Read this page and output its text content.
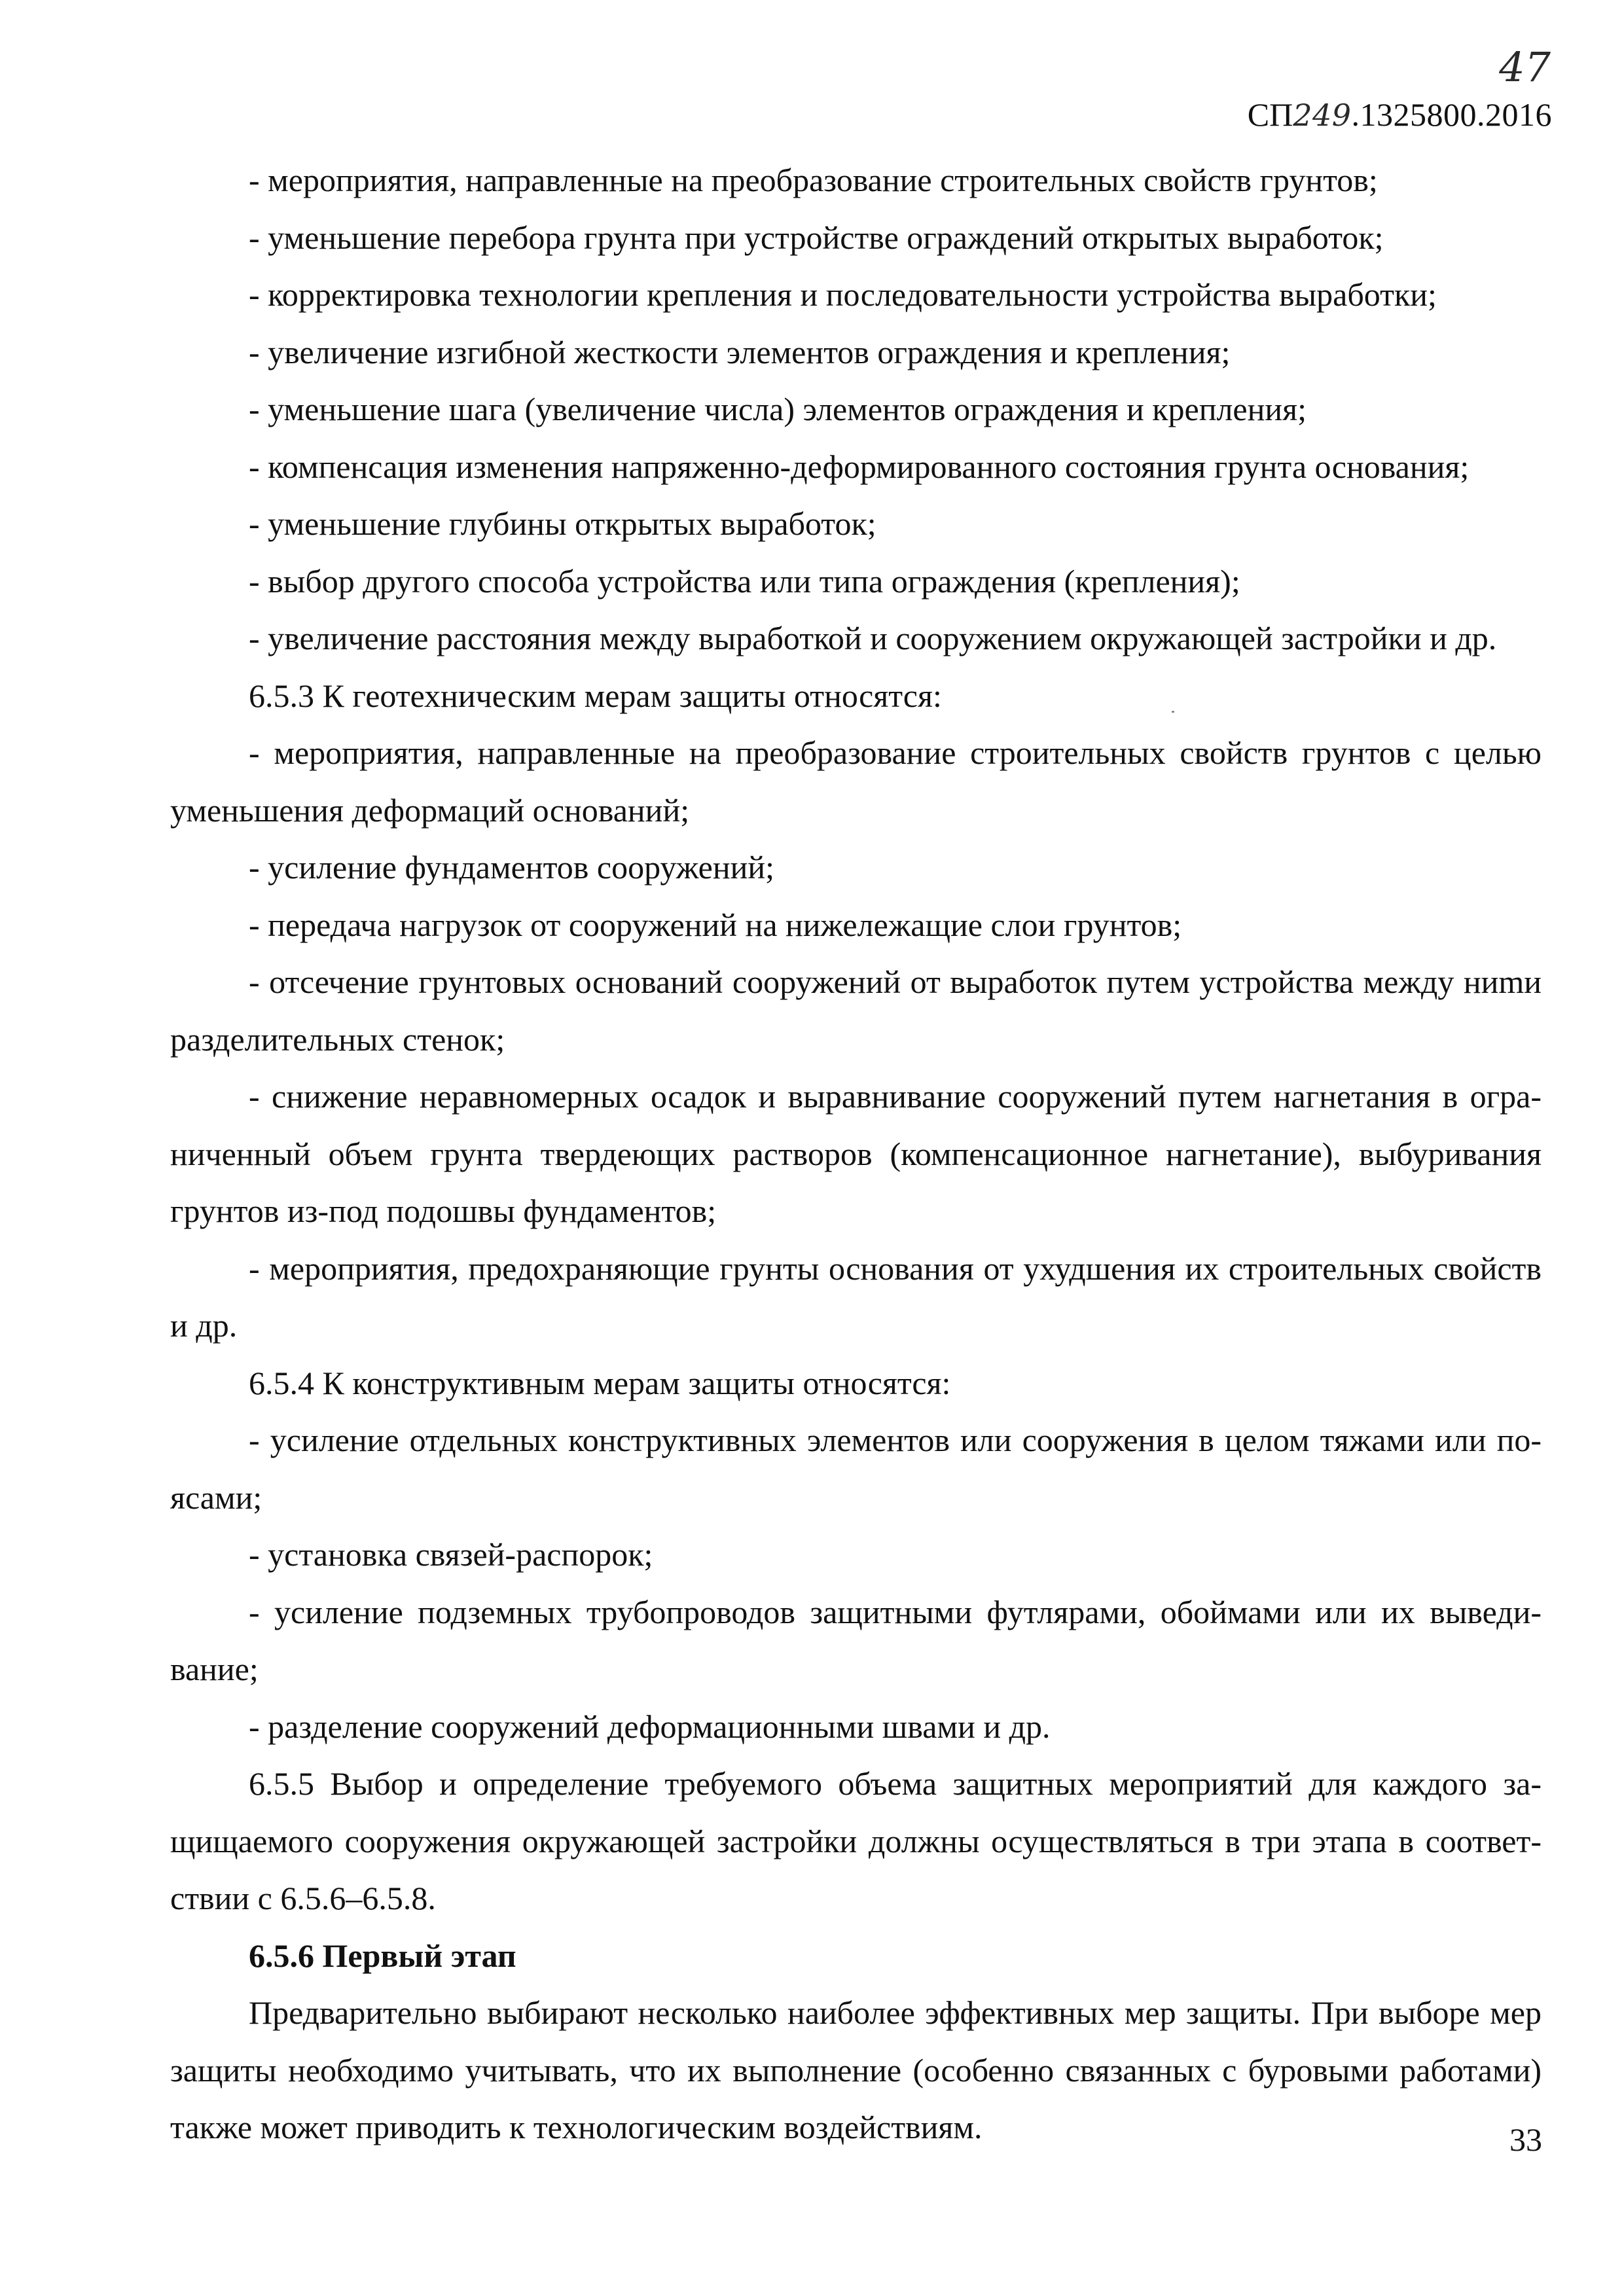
47
СП249.1325800.2016

- мероприятия, направленные на преобразование строительных свойств грунтов;

- уменьшение перебора грунта при устройстве ограждений открытых выработок;

- корректировка технологии крепления и последовательности устройства выработки;

- увеличение изгибной жесткости элементов ограждения и крепления;

- уменьшение шага (увеличение числа) элементов ограждения и крепления;

- компенсация изменения напряженно-деформированного состояния грунта основания;

- уменьшение глубины открытых выработок;

- выбор другого способа устройства или типа ограждения (крепления);

- увеличение расстояния между выработкой и сооружением окружающей застройки и др.

6.5.3 К геотехническим мерам защиты относятся:

- мероприятия, направленные на преобразование строительных свойств грунтов с целью уменьшения деформаций оснований;

- усиление фундаментов сооружений;

- передача нагрузок от сооружений на нижележащие слои грунтов;

- отсечение грунтовых оснований сооружений от выработок путем устройства между ниmи разделительных стенок;

- снижение неравномерных осадок и выравнивание сооружений путем нагнетания в ограниченный объем грунта твердеющих растворов (компенсационное нагнетание), выбуривания грунтов из-под подошвы фундаментов;

- мероприятия, предохраняющие грунты основания от ухудшения их строительных свойств и др.

6.5.4 К конструктивным мерам защиты относятся:

- усиление отдельных конструктивных элементов или сооружения в целом тяжами или поясами;

- установка связей-распорок;

- усиление подземных трубопроводов защитными футлярами, обоймами или их выведивание;

- разделение сооружений деформационными швами и др.

6.5.5 Выбор и определение требуемого объема защитных мероприятий для каждого защищаемого сооружения окружающей застройки должны осуществляться в три этапа в соответствии с 6.5.6–6.5.8.

6.5.6 Первый этап

Предварительно выбирают несколько наиболее эффективных мер защиты. При выборе мер защиты необходимо учитывать, что их выполнение (особенно связанных с буровыми работами) также может приводить к технологическим воздействиям.	33
